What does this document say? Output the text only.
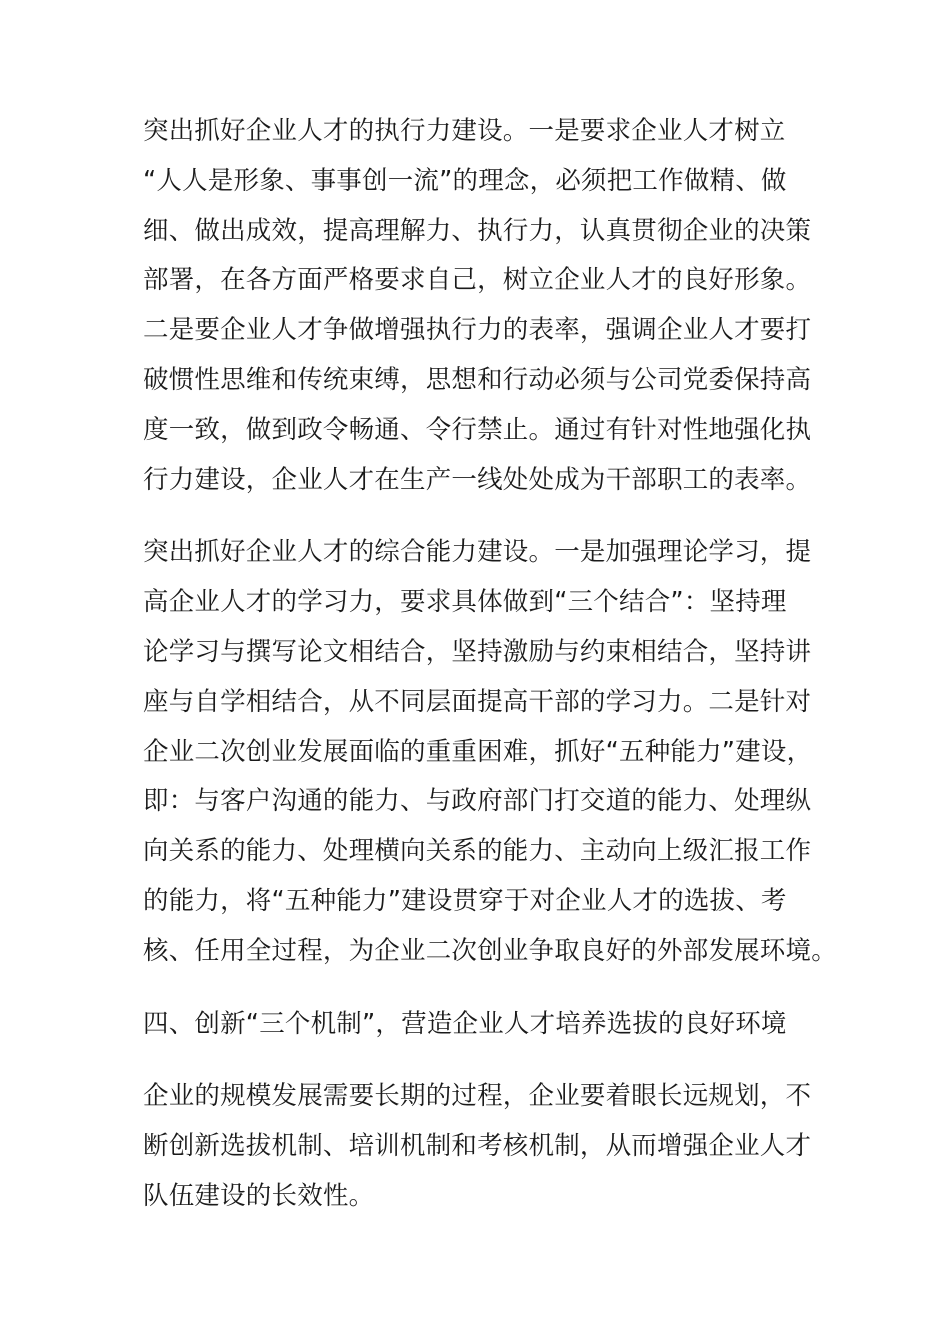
突出抓好企业人才的执行力建设。一是要求企业人才树立
“人人是形象、事事创一流”的理念，必须把工作做精、做
细、做出成效，提高理解力、执行力，认真贯彻企业的决策
部署，在各方面严格要求自己，树立企业人才的良好形象。
二是要企业人才争做增强执行力的表率，强调企业人才要打
破惯性思维和传统束缚，思想和行动必须与公司党委保持高
度一致，做到政令畅通、令行禁止。通过有针对性地强化执
行力建设，企业人才在生产一线处处成为干部职工的表率。
突出抓好企业人才的综合能力建设。一是加强理论学习，提
高企业人才的学习力，要求具体做到“三个结合”：坚持理
论学习与撰写论文相结合，坚持激励与约束相结合，坚持讲
座与自学相结合，从不同层面提高干部的学习力。二是针对
企业二次创业发展面临的重重困难，抓好“五种能力”建设，
即：与客户沟通的能力、与政府部门打交道的能力、处理纵
向关系的能力、处理横向关系的能力、主动向上级汇报工作
的能力，将“五种能力”建设贯穿于对企业人才的选拔、考
核、任用全过程，为企业二次创业争取良好的外部发展环境。
四、创新“三个机制”，营造企业人才培养选拔的良好环境
企业的规模发展需要长期的过程，企业要着眼长远规划，不
断创新选拔机制、培训机制和考核机制，从而增强企业人才
队伍建设的长效性。
